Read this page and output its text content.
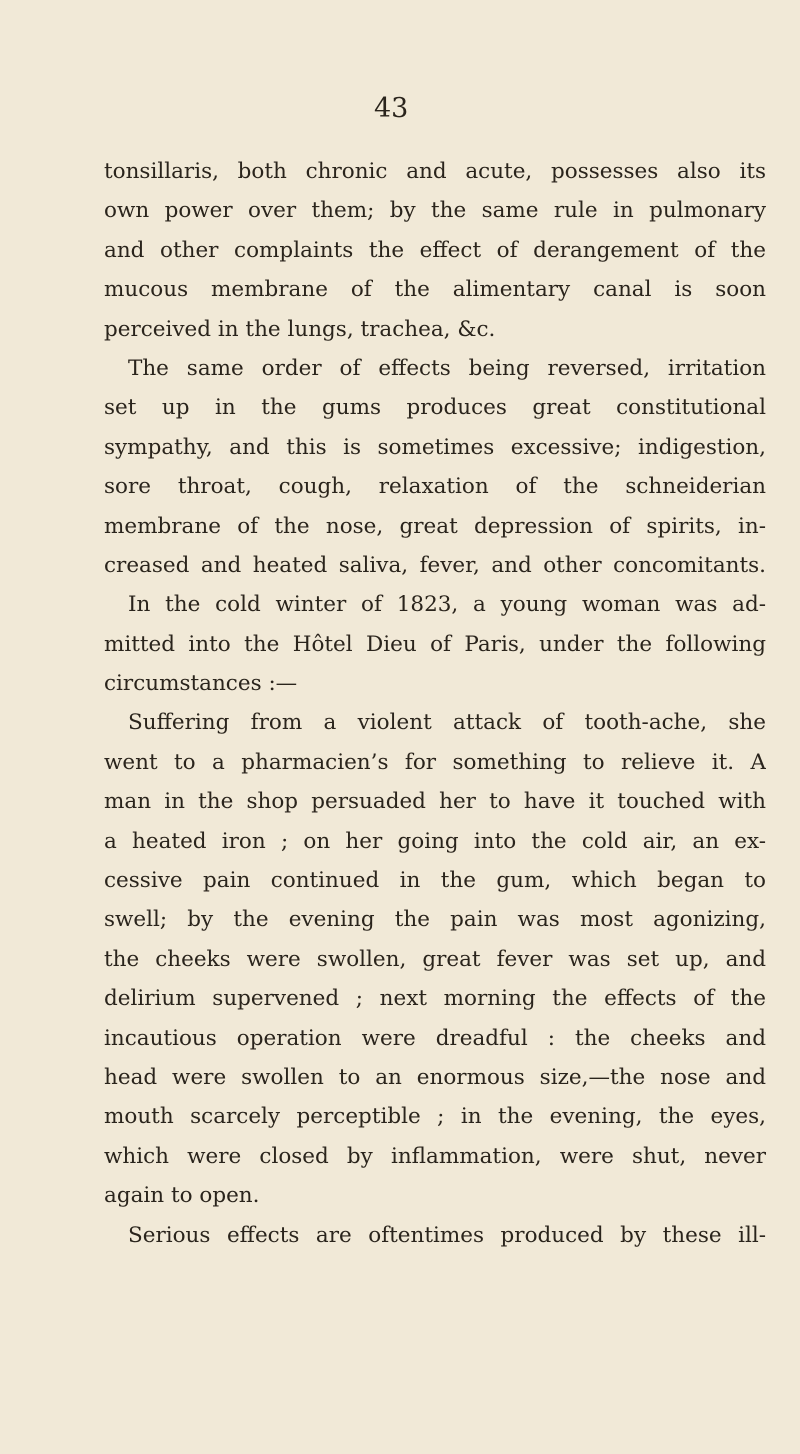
43
tonsillaris, both chronic and acute, possesses also its
own power over them; by the same rule in pulmonary
and other complaints the effect of derangement of the
mucous membrane of the alimentary canal is soon
perceived in the lungs, trachea, &c.
The same order of effects being reversed, irritation
set up in the gums produces great constitutional
sympathy, and this is sometimes excessive; indigestion,
sore throat, cough, relaxation of the schneiderian
membrane of the nose, great depression of spirits, in-
creased and heated saliva, fever, and other concomitants.
In the cold winter of 1823, a young woman was ad-
mitted into the Hôtel Dieu of Paris, under the following
circumstances :—
Suffering from a violent attack of tooth-ache, she
went to a pharmacien’s for something to relieve it. A
man in the shop persuaded her to have it touched with
a heated iron ; on her going into the cold air, an ex-
cessive pain continued in the gum, which began to
swell; by the evening the pain was most agonizing,
the cheeks were swollen, great fever was set up, and
delirium supervened ; next morning the effects of the
incautious operation were dreadful : the cheeks and
head were swollen to an enormous size,—the nose and
mouth scarcely perceptible ; in the evening, the eyes,
which were closed by inflammation, were shut, never
again to open.
Serious effects are oftentimes produced by these ill-
